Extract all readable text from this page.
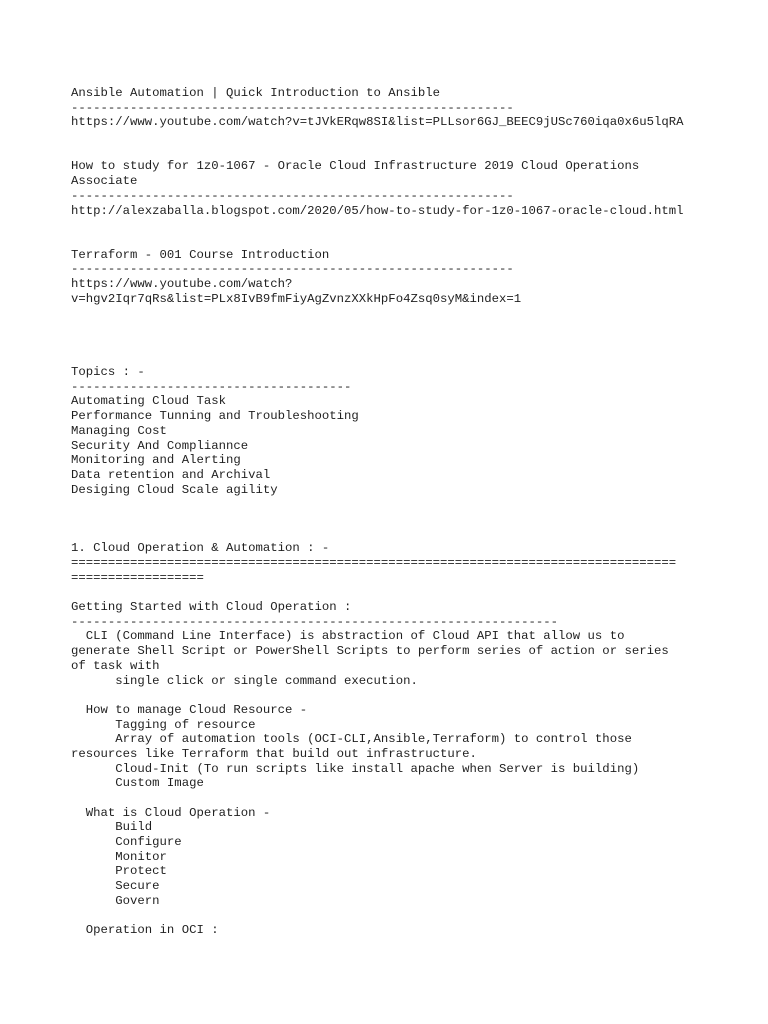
Ansible Automation | Quick Introduction to Ansible
------------------------------------------------------------
https://www.youtube.com/watch?v=tJVkERqw8SI&list=PLLsor6GJ_BEEC9jUSc760iqa0x6u5lqRA
How to study for 1z0-1067 - Oracle Cloud Infrastructure 2019 Cloud Operations
Associate
------------------------------------------------------------
http://alexzaballa.blogspot.com/2020/05/how-to-study-for-1z0-1067-oracle-cloud.html
Terraform - 001 Course Introduction
------------------------------------------------------------
https://www.youtube.com/watch?
v=hgv2Iqr7qRs&list=PLx8IvB9fmFiyAgZvnzXXkHpFo4Zsq0syM&index=1
Topics : -
--------------------------------------
Automating Cloud Task
Performance Tunning and Troubleshooting
Managing Cost
Security And Compliannce
Monitoring and Alerting
Data retention and Archival
Desiging Cloud Scale agility
1. Cloud Operation & Automation : -
==================================================================================
==================
Getting Started with Cloud Operation :
------------------------------------------------------------------
CLI (Command Line Interface) is abstraction of Cloud API that allow us to
generate Shell Script or PowerShell Scripts to perform series of action or series
of task with
single click or single command execution.
How to manage Cloud Resource -
Tagging of resource
Array of automation tools (OCI-CLI,Ansible,Terraform) to control those
resources like Terraform that build out infrastructure.
Cloud-Init (To run scripts like install apache when Server is building)
Custom Image
What is Cloud Operation -
Build
Configure
Monitor
Protect
Secure
Govern
Operation in OCI :
